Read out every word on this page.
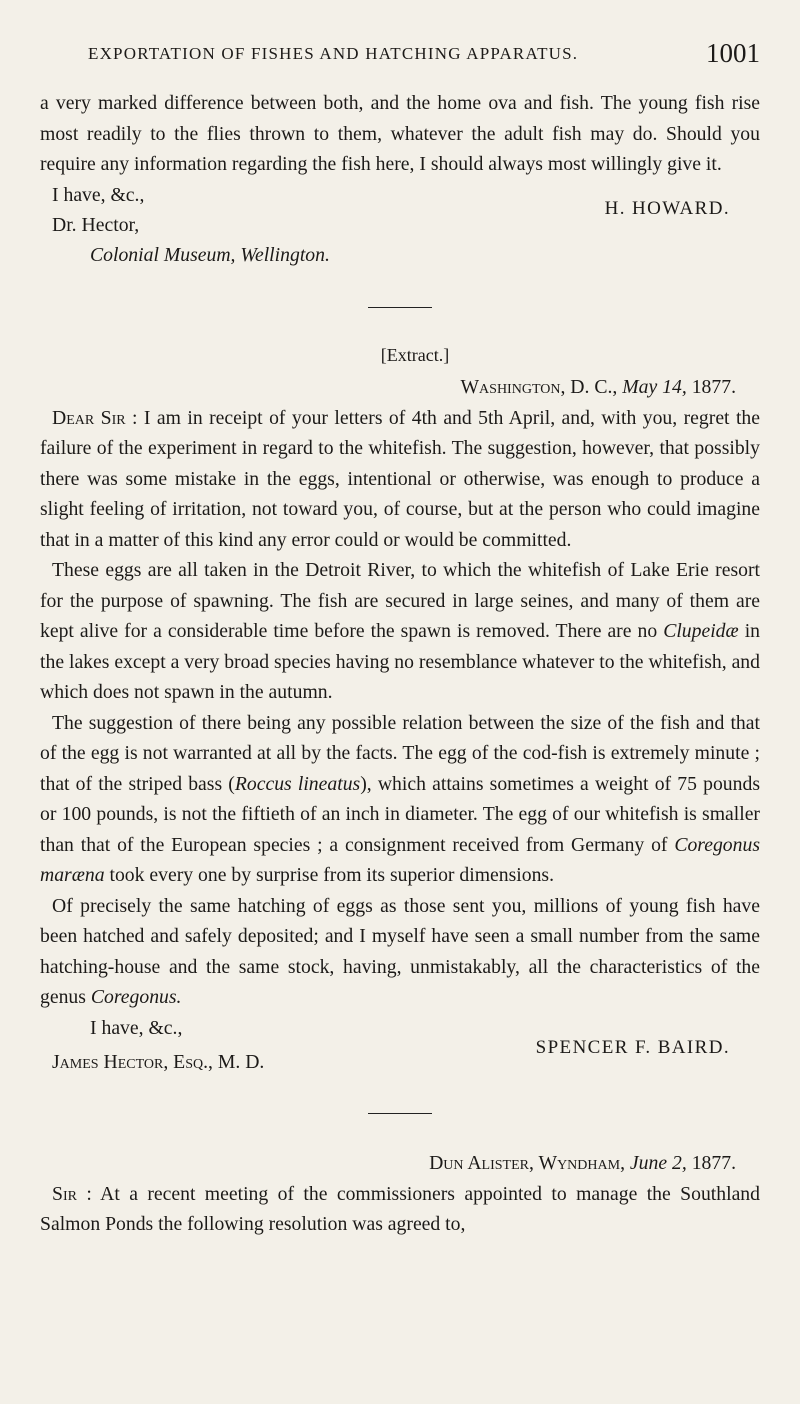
EXPORTATION OF FISHES AND HATCHING APPARATUS.	1001

a very marked difference between both, and the home ova and fish. The young fish rise most readily to the flies thrown to them, whatever the adult fish may do. Should you require any information regarding the fish here, I should always most willingly give it.

I have, &c.,
H. HOWARD.
Dr. Hector,
Colonial Museum, Wellington.
[Extract.]
Washington, D. C., May 14, 1877.

Dear Sir : I am in receipt of your letters of 4th and 5th April, and, with you, regret the failure of the experiment in regard to the whitefish. The suggestion, however, that possibly there was some mistake in the eggs, intentional or otherwise, was enough to produce a slight feeling of irritation, not toward you, of course, but at the person who could imagine that in a matter of this kind any error could or would be committed.

These eggs are all taken in the Detroit River, to which the whitefish of Lake Erie resort for the purpose of spawning. The fish are secured in large seines, and many of them are kept alive for a considerable time before the spawn is removed. There are no Clupeidæ in the lakes except a very broad species having no resemblance whatever to the whitefish, and which does not spawn in the autumn.

The suggestion of there being any possible relation between the size of the fish and that of the egg is not warranted at all by the facts. The egg of the cod-fish is extremely minute ; that of the striped bass (Roccus lineatus), which attains sometimes a weight of 75 pounds or 100 pounds, is not the fiftieth of an inch in diameter. The egg of our whitefish is smaller than that of the European species ; a consignment received from Germany of Coregonus maræna took every one by surprise from its superior dimensions.

Of precisely the same hatching of eggs as those sent you, millions of young fish have been hatched and safely deposited; and I myself have seen a small number from the same hatching-house and the same stock, having, unmistakably, all the characteristics of the genus Coregonus.

I have, &c.,
SPENCER F. BAIRD.
James Hector, Esq., M. D.
Dun Alister, Wyndham, June 2, 1877.

Sir : At a recent meeting of the commissioners appointed to manage the Southland Salmon Ponds the following resolution was agreed to,
